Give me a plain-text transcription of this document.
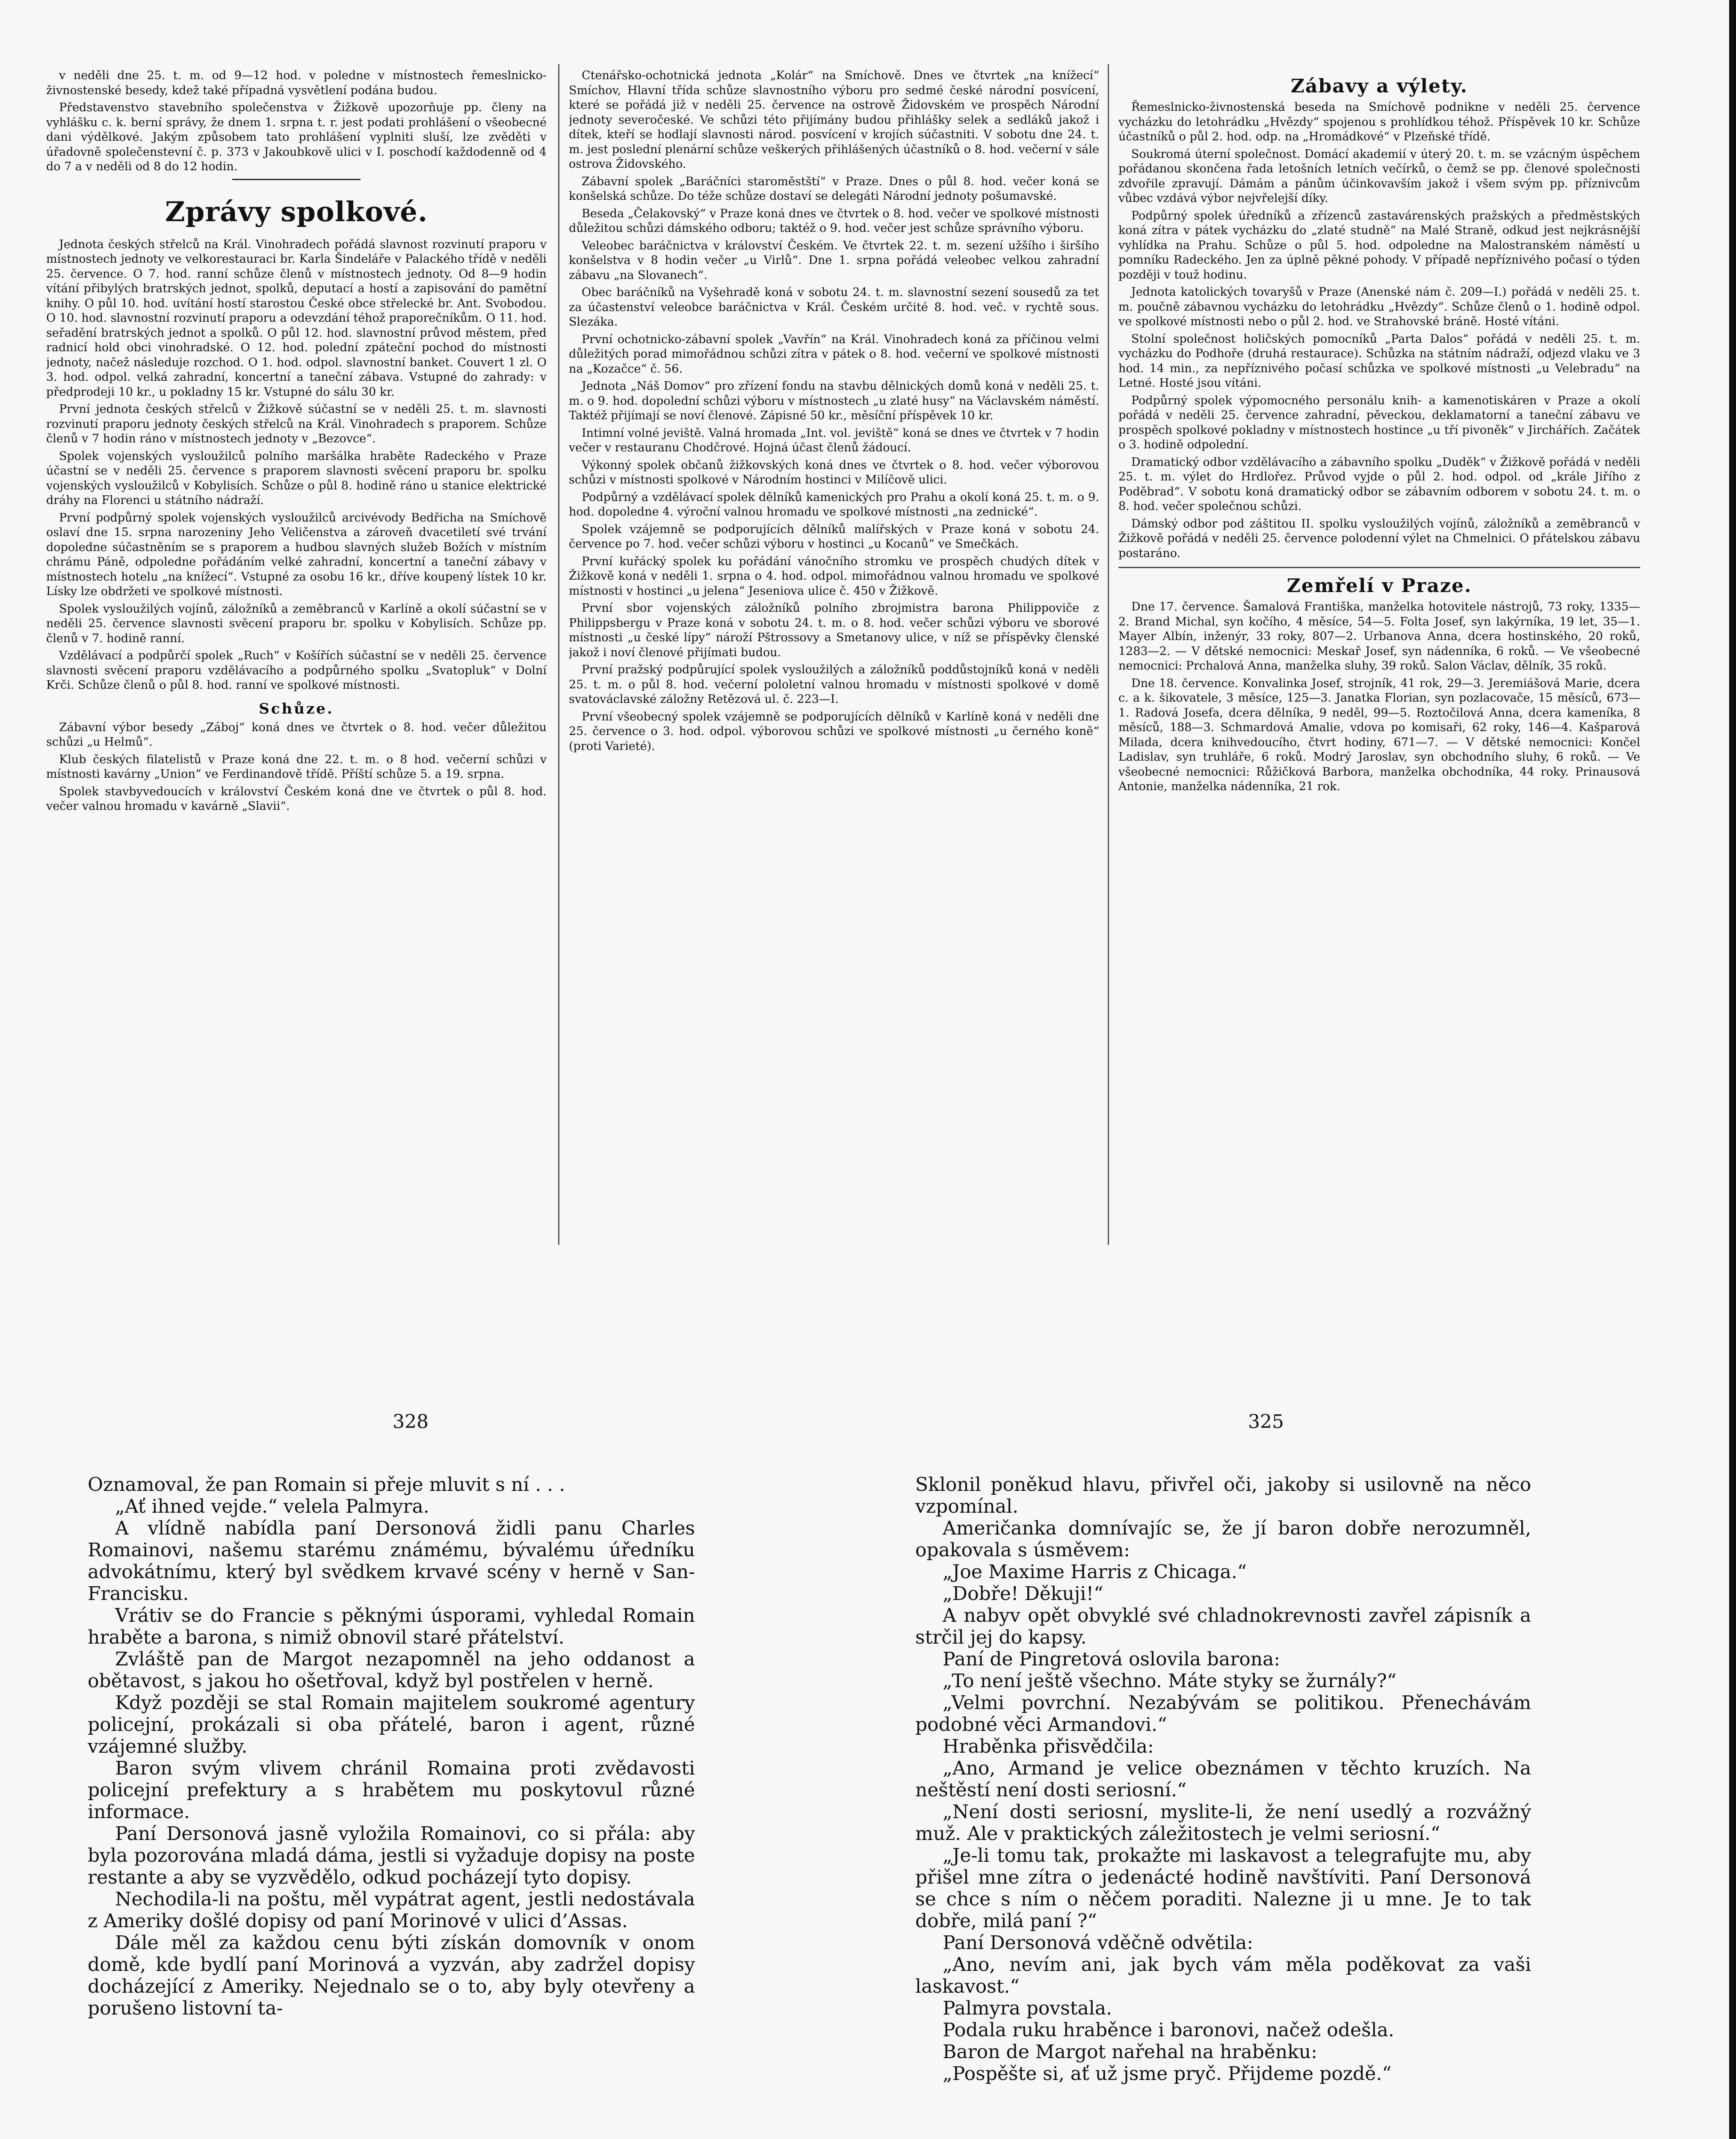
v neděli dne 25. t. m. od 9—12 hod. v poledne v místnostech řemeslnicko-živnostenské besedy, kdež také případná vysvětlení podána budou.

Představenstvo stavebního společenstva v Žižkově upozorňuje pp. členy na vyhlášku c. k. berní správy, že dnem 1. srpna t. r. jest podati prohlášení o všeobecné dani výdělkové. Jakým způsobem tato prohlášení vyplniti sluší, lze zvěděti v úřadovně společenstevní č. p. 373 v Jakoubkově ulici v I. poschodí každodenně od 4 do 7 a v neděli od 8 do 12 hodin.

Zprávy spolkové.

Jednota českých střelců na Král. Vinohradech pořádá slavnost rozvinutí praporu v místnostech jednoty ve velkorestauraci br. Karla Šindeláře v Palackého třídě v neděli 25. července. O 7. hod. ranní schůze členů v místnostech jednoty. Od 8—9 hodin vítání přibylých bratrských jednot, spolků, deputací a hostí a zapisování do pamětní knihy. O půl 10. hod. uvítání hostí starostou České obce střelecké br. Ant. Svobodou. O 10. hod. slavnostní rozvinutí praporu a odevzdání téhož praporečníkům. O 11. hod. seřadění bratrských jednot a spolků. O půl 12. hod. slavnostní průvod městem, před radnicí hold obci vinohradské. O 12. hod. polední zpáteční pochod do místnosti jednoty, načež následuje rozchod. O 1. hod. odpol. slavnostní banket. Couvert 1 zl. O 3. hod. odpol. velká zahradní, koncertní a taneční zábava. Vstupné do zahrady: v předprodeji 10 kr., u pokladny 15 kr. Vstupné do sálu 30 kr.

První jednota českých střelců v Žižkově súčastní se v neděli 25. t. m. slavnosti rozvinutí praporu jednoty českých střelců na Král. Vinohradech s praporem. Schůze členů v 7 hodin ráno v místnostech jednoty v „Bezovce“.

Spolek vojenských vysloužilců polního maršálka hraběte Radeckého v Praze účastní se v neděli 25. července s praporem slavnosti svěcení praporu br. spolku vojenských vysloužilců v Kobylisích. Schůze o půl 8. hodině ráno u stanice elektrické dráhy na Florenci u státního nádraží.

První podpůrný spolek vojenských vysloužilců arcivévody Bedřicha na Smíchově oslaví dne 15. srpna narozeniny Jeho Veličenstva a zároveň dvacetiletí své trvání dopoledne súčastněním se s praporem a hudbou slavných služeb Božích v místním chrámu Páně, odpoledne pořádáním velké zahradní, koncertní a taneční zábavy v místnostech hotelu „na knížecí“. Vstupné za osobu 16 kr., dříve koupený lístek 10 kr. Lísky lze obdržeti ve spolkové místnosti.

Spolek vysloužilých vojínů, záložníků a zeměbranců v Karlíně a okolí súčastní se v neděli 25. července slavnosti svěcení praporu br. spolku v Kobylisích. Schůze pp. členů v 7. hodině ranní.

Vzdělávací a podpůrčí spolek „Ruch“ v Košířích súčastní se v neděli 25. července slavnosti svěcení praporu vzdělávacího a podpůrného spolku „Svatopluk“ v Dolní Krči. Schůze členů o půl 8. hod. ranní ve spolkové místnosti.

Schůze.

Zábavní výbor besedy „Záboj“ koná dnes ve čtvrtek o 8. hod. večer důležitou schůzi „u Helmů“.

Klub českých filatelistů v Praze koná dne 22. t. m. o 8 hod. večerní schůzi v místnosti kavárny „Union“ ve Ferdinandově třídě. Příští schůze 5. a 19. srpna.

Spolek stavbyvedoucích v království Českém koná dne ve čtvrtek o půl 8. hod. večer valnou hromadu v kavárně „Slavii“.

Ctenářsko-ochotnická jednota „Kolár“ na Smíchově. Dnes ve čtvrtek „na knížecí“ Smíchov, Hlavní třída schůze slavnostního výboru pro sedmé české národní posvícení, které se pořádá již v neděli 25. července na ostrově Židovském ve prospěch Národní jednoty severočeské. Ve schůzi této přijímány budou přihlášky selek a sedláků jakož i dítek, kteří se hodlají slavnosti národ. posvícení v krojích súčastniti. V sobotu dne 24. t. m. jest poslední plenární schůze veškerých přihlášených účastníků o 8. hod. večerní v sále ostrova Židovského.

Zábavní spolek „Baráčníci staroměstští“ v Praze. Dnes o půl 8. hod. večer koná se konšelská schůze. Do téže schůze dostaví se delegáti Národní jednoty pošumavské.

Beseda „Čelakovský“ v Praze koná dnes ve čtvrtek o 8. hod. večer ve spolkové místnosti důležitou schůzi dámského odboru; taktéž o 9. hod. večer jest schůze správního výboru.

Veleobec baráčnictva v království Českém. Ve čtvrtek 22. t. m. sezení užšího i širšího konšelstva v 8 hodin večer „u Virlů“. Dne 1. srpna pořádá veleobec velkou zahradní zábavu „na Slovanech“.

Obec baráčníků na Vyšehradě koná v sobotu 24. t. m. slavnostní sezení sousedů za tet za účastenství veleobce baráčnictva v Král. Českém určité 8. hod. več. v rychtě sous. Slezáka.

První ochotnicko-zábavní spolek „Vavřín“ na Král. Vinohradech koná za příčinou velmi důležitých porad mimořádnou schůzi zítra v pátek o 8. hod. večerní ve spolkové místnosti na „Kozačce“ č. 56.

Jednota „Náš Domov“ pro zřízení fondu na stavbu dělnických domů koná v neděli 25. t. m. o 9. hod. dopolední schůzi výboru v místnostech „u zlaté husy“ na Václavském náměstí. Taktéž přijímají se noví členové. Zápisné 50 kr., měsíční příspěvek 10 kr.

Intimní volné jeviště. Valná hromada „Int. vol. jeviště“ koná se dnes ve čtvrtek v 7 hodin večer v restauranu Chodčrové. Hojná účast členů žádoucí.

Výkonný spolek občanů žižkovských koná dnes ve čtvrtek o 8. hod. večer výborovou schůzi v místnosti spolkové v Národním hostinci v Milíčově ulici.

Podpůrný a vzdělávací spolek dělníků kamenických pro Prahu a okolí koná 25. t. m. o 9. hod. dopoledne 4. výroční valnou hromadu ve spolkové místnosti „na zednické“.

Spolek vzájemně se podporujících dělníků malířských v Praze koná v sobotu 24. července po 7. hod. večer schůzi výboru v hostinci „u Kocanů“ ve Smečkách.

První kuřácký spolek ku pořádání vánočního stromku ve prospěch chudých dítek v Žižkově koná v neděli 1. srpna o 4. hod. odpol. mimořádnou valnou hromadu ve spolkové místnosti v hostinci „u jelena“ Jeseniova ulice č. 450 v Žižkově.

První sbor vojenských záložníků polního zbrojmistra barona Philippoviče z Philippsbergu v Praze koná v sobotu 24. t. m. o 8. hod. večer schůzi výboru ve sborové místnosti „u české lípy“ nároží Pštrossovy a Smetanovy ulice, v níž se příspěvky členské jakož i noví členové přijímati budou.

První pražský podpůrující spolek vysloužilých a záložníků poddůstojníků koná v neděli 25. t. m. o půl 8. hod. večerní pololetní valnou hromadu v místnosti spolkové v domě svatováclavské záložny Retězová ul. č. 223—I.

První všeobecný spolek vzájemně se podporujících dělníků v Karlíně koná v neděli dne 25. července o 3. hod. odpol. výborovou schůzi ve spolkové místnosti „u černého koně“ (proti Varieté).

Zábavy a výlety.

Řemeslnicko-živnostenská beseda na Smíchově podnikne v neděli 25. července vycházku do letohrádku „Hvězdy“ spojenou s prohlídkou téhož. Příspěvek 10 kr. Schůze účastníků o půl 2. hod. odp. na „Hromádkové“ v Plzeňské třídě.

Soukromá úterní společnost. Domácí akademií v úterý 20. t. m. se vzácným úspěchem pořádanou skončena řada letošních letních večírků, o čemž se pp. členové společnosti zdvořile zpravují. Dámám a pánům účinkovavším jakož i všem svým pp. příznivcům vůbec vzdává výbor nejvřelejší díky.

Podpůrný spolek úředníků a zřízenců zastavárenských pražských a předměstských koná zítra v pátek vycházku do „zlaté studně“ na Malé Straně, odkud jest nejkrásnější vyhlídka na Prahu. Schůze o půl 5. hod. odpoledne na Malostranském náměstí u pomníku Radeckého. Jen za úplně pěkné pohody. V případě nepříznivého počasí o týden později v touž hodinu.

Jednota katolických tovaryšů v Praze (Anenské nám č. 209—I.) pořádá v neděli 25. t. m. poučně zábavnou vycházku do letohrádku „Hvězdy“. Schůze členů o 1. hodině odpol. ve spolkové místnosti nebo o půl 2. hod. ve Strahovské bráně. Hosté vítáni.

Stolní společnost holičských pomocníků „Parta Dalos“ pořádá v neděli 25. t. m. vycházku do Podhoře (druhá restaurace). Schůzka na státním nádraží, odjezd vlaku ve 3 hod. 14 min., za nepříznivého počasí schůzka ve spolkové místnosti „u Velebradu“ na Letné. Hosté jsou vítáni.

Podpůrný spolek výpomocného personálu knih- a kamenotiskáren v Praze a okolí pořádá v neděli 25. července zahradní, pěveckou, deklamatorní a taneční zábavu ve prospěch spolkové pokladny v místnostech hostince „u tří pivoněk“ v Jirchářích. Začátek o 3. hodině odpolední.

Dramatický odbor vzdělávacího a zábavního spolku „Duděk“ v Žižkově pořádá v neděli 25. t. m. výlet do Hrdlořez. Průvod vyjde o půl 2. hod. odpol. od „krále Jiřího z Poděbrad“. V sobotu koná dramatický odbor se zábavním odborem v sobotu 24. t. m. o 8. hod. večer společnou schůzi.

Dámský odbor pod záštitou II. spolku vysloužilých vojínů, záložníků a zeměbranců v Žižkově pořádá v neděli 25. července polodenní výlet na Chmelnici. O přátelskou zábavu postaráno.

Zemřelí v Praze.

Dne 17. července. Šamalová Františka, manželka hotovitele nástrojů, 73 roky, 1335—2. Brand Michal, syn kočího, 4 měsíce, 54—5. Folta Josef, syn lakýrníka, 19 let, 35—1. Mayer Albín, inženýr, 33 roky, 807—2. Urbanova Anna, dcera hostinského, 20 roků, 1283—2. — V dětské nemocnici: Meskař Josef, syn nádenníka, 6 roků. — Ve všeobecné nemocnici: Prchalová Anna, manželka sluhy, 39 roků. Salon Václav, dělník, 35 roků.

Dne 18. července. Konvalinka Josef, strojník, 41 rok, 29—3. Jeremiášová Marie, dcera c. a k. šikovatele, 3 měsíce, 125—3. Janatka Florian, syn pozlacovače, 15 měsíců, 673—1. Radová Josefa, dcera dělníka, 9 neděl, 99—5. Roztočilová Anna, dcera kameníka, 8 měsíců, 188—3. Schmardová Amalie, vdova po komisaři, 62 roky, 146—4. Kašparová Milada, dcera knihvedoucího, čtvrt hodiny, 671—7. — V dětské nemocnici: Končel Ladislav, syn truhláře, 6 roků. Modrý Jaroslav, syn obchodního sluhy, 6 roků. — Ve všeobecné nemocnici: Růžičková Barbora, manželka obchodníka, 44 roky. Prinausová Antonie, manželka nádenníka, 21 rok.

328

Oznamoval, že pan Romain si přeje mluvit s ní . . .

„Ať ihned vejde.“ velela Palmyra.

A vlídně nabídla paní Dersonová židli panu Charles Romainovi, našemu starému známému, bývalému úředníku advokátnímu, který byl svědkem krvavé scény v herně v San-Francisku.

Vrátiv se do Francie s pěknými úsporami, vyhledal Romain hraběte a barona, s nimiž obnovil staré přátelství.

Zvláště pan de Margot nezapomněl na jeho oddanost a obětavost, s jakou ho ošetřoval, když byl postřelen v herně.

Když později se stal Romain majitelem soukromé agentury policejní, prokázali si oba přátelé, baron i agent, různé vzájemné služby.

Baron svým vlivem chránil Romaina proti zvědavosti policejní prefektury a s hrabětem mu poskytovul různé informace.

Paní Dersonová jasně vyložila Romainovi, co si přála: aby byla pozorována mladá dáma, jestli si vyžaduje dopisy na poste restante a aby se vyzvědělo, odkud pocházejí tyto dopisy.

Nechodila-li na poštu, měl vypátrat agent, jestli nedostávala z Ameriky došlé dopisy od paní Morinové v ulici d’Assas.

Dále měl za každou cenu býti získán domovník v onom domě, kde bydlí paní Morinová a vyzván, aby zadržel dopisy docházející z Ameriky. Nejednalo se o to, aby byly otevřeny a porušeno listovní ta-

325

Sklonil poněkud hlavu, přivřel oči, jakoby si usilovně na něco vzpomínal.

Američanka domnívajíc se, že jí baron dobře nerozumněl, opakovala s úsměvem:

„Joe Maxime Harris z Chicaga.“

„Dobře! Děkuji!“

A nabyv opět obvyklé své chladnokrevnosti zavřel zápisník a strčil jej do kapsy.

Paní de Pingretová oslovila barona:

„To není ještě všechno. Máte styky se žurnály?“

„Velmi povrchní. Nezabývám se politikou. Přenechávám podobné věci Armandovi.“

Hraběnka přisvědčila:

„Ano, Armand je velice obeznámen v těchto kruzích. Na neštěstí není dosti seriosní.“

„Není dosti seriosní, myslite-li, že není usedlý a rozvážný muž. Ale v praktických záležitostech je velmi seriosní.“

„Je-li tomu tak, prokažte mi laskavost a telegrafujte mu, aby přišel mne zítra o jedenácté hodině navštíviti. Paní Dersonová se chce s ním o něčem poraditi. Nalezne ji u mne. Je to tak dobře, milá paní ?“

Paní Dersonová vděčně odvětila:

„Ano, nevím ani, jak bych vám měla poděkovat za vaši laskavost.“

Palmyra povstala.

Podala ruku hraběnce i baronovi, načež odešla.

Baron de Margot nařehal na hraběnku:

„Pospěšte si, ať už jsme pryč. Přijdeme pozdě.“
